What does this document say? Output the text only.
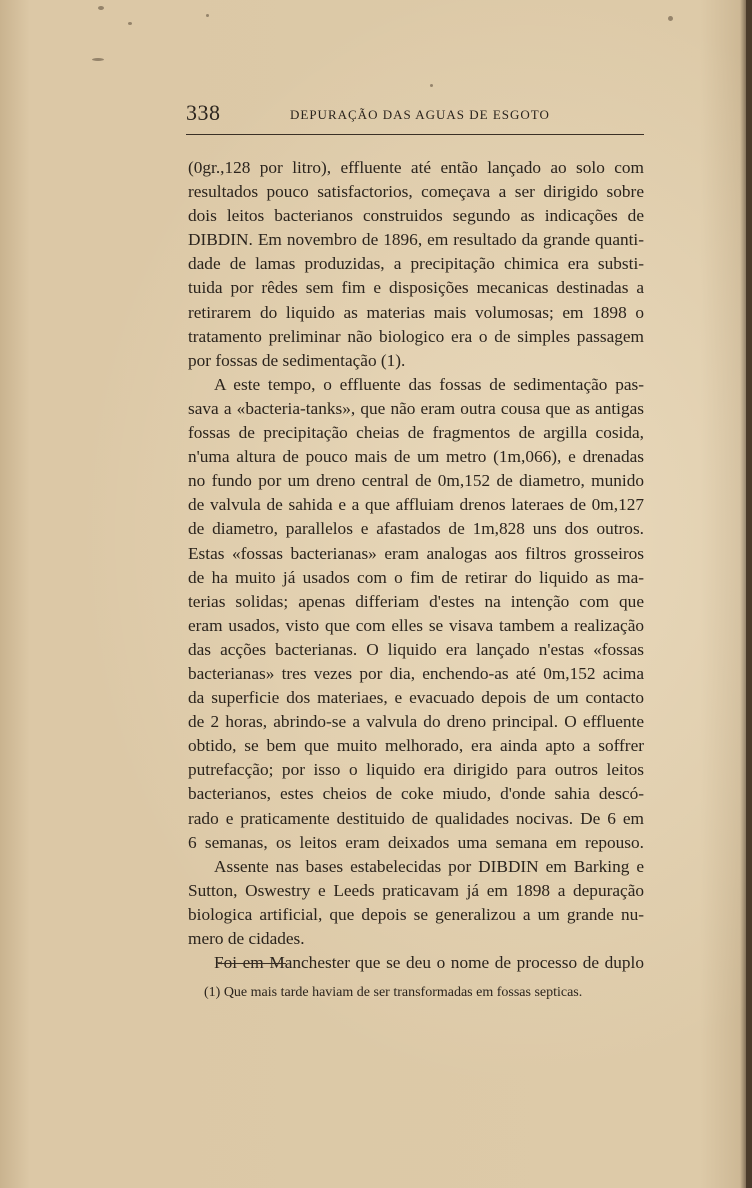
338	DEPURAÇÃO DAS AGUAS DE ESGOTO
(0gr.,128 por litro), effluente até então lançado ao solo com
resultados pouco satisfactorios, começava a ser dirigido sobre
dois leitos bacterianos construidos segundo as indicações de
DIBDIN. Em novembro de 1896, em resultado da grande quanti-
dade de lamas produzidas, a precipitação chimica era substi-
tuida por rêdes sem fim e disposições mecanicas destinadas a
retirarem do liquido as materias mais volumosas; em 1898 o
tratamento preliminar não biologico era o de simples passagem
por fossas de sedimentação (1).
A este tempo, o effluente das fossas de sedimentação pas-
sava a «bacteria-tanks», que não eram outra cousa que as antigas
fossas de precipitação cheias de fragmentos de argilla cosida,
n'uma altura de pouco mais de um metro (1m,066), e drenadas
no fundo por um dreno central de 0m,152 de diametro, munido
de valvula de sahida e a que affluiam drenos lateraes de 0m,127
de diametro, parallelos e afastados de 1m,828 uns dos outros.
Estas «fossas bacterianas» eram analogas aos filtros grosseiros
de ha muito já usados com o fim de retirar do liquido as ma-
terias solidas; apenas differiam d'estes na intenção com que
eram usados, visto que com elles se visava tambem a realização
das acções bacterianas. O liquido era lançado n'estas «fossas
bacterianas» tres vezes por dia, enchendo-as até 0m,152 acima
da superficie dos materiaes, e evacuado depois de um contacto
de 2 horas, abrindo-se a valvula do dreno principal. O effluente
obtido, se bem que muito melhorado, era ainda apto a soffrer
putrefacção; por isso o liquido era dirigido para outros leitos
bacterianos, estes cheios de coke miudo, d'onde sahia descó-
rado e praticamente destituido de qualidades nocivas. De 6 em
6 semanas, os leitos eram deixados uma semana em repouso.
Assente nas bases estabelecidas por DIBDIN em Barking e
Sutton, Oswestry e Leeds praticavam já em 1898 a depuração
biologica artificial, que depois se generalizou a um grande nu-
mero de cidades.
Foi em Manchester que se deu o nome de processo de duplo
(1) Que mais tarde haviam de ser transformadas em fossas septicas.
